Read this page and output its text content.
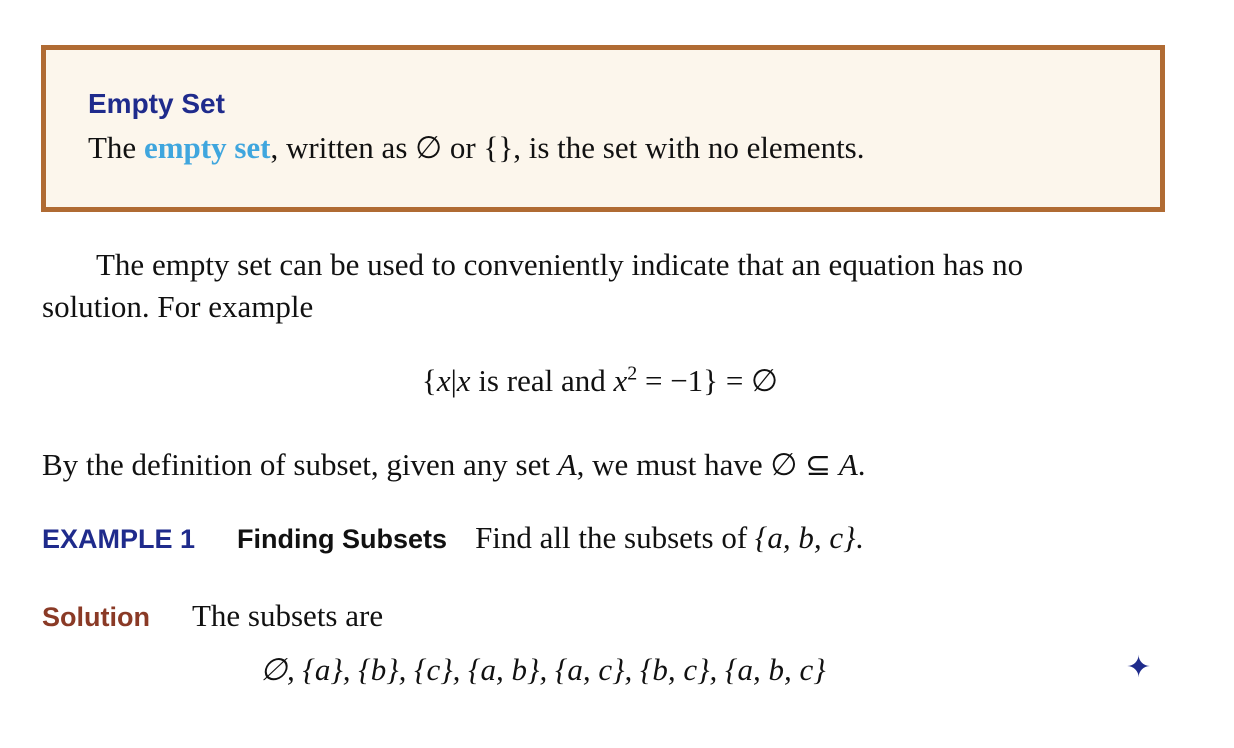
Empty Set
The empty set, written as ∅ or {}, is the set with no elements.
The empty set can be used to conveniently indicate that an equation has no
solution. For example
{x|x is real and $x^2 = -1$} = ∅
By the definition of subset, given any set A, we must have ∅ ⊆ A.
EXAMPLE 1 Finding Subsets Find all the subsets of {a, b, c}.
Solution The subsets are
∅, {a}, {b}, {c}, {a, b}, {a, c}, {b, c}, {a, b, c}	✦
